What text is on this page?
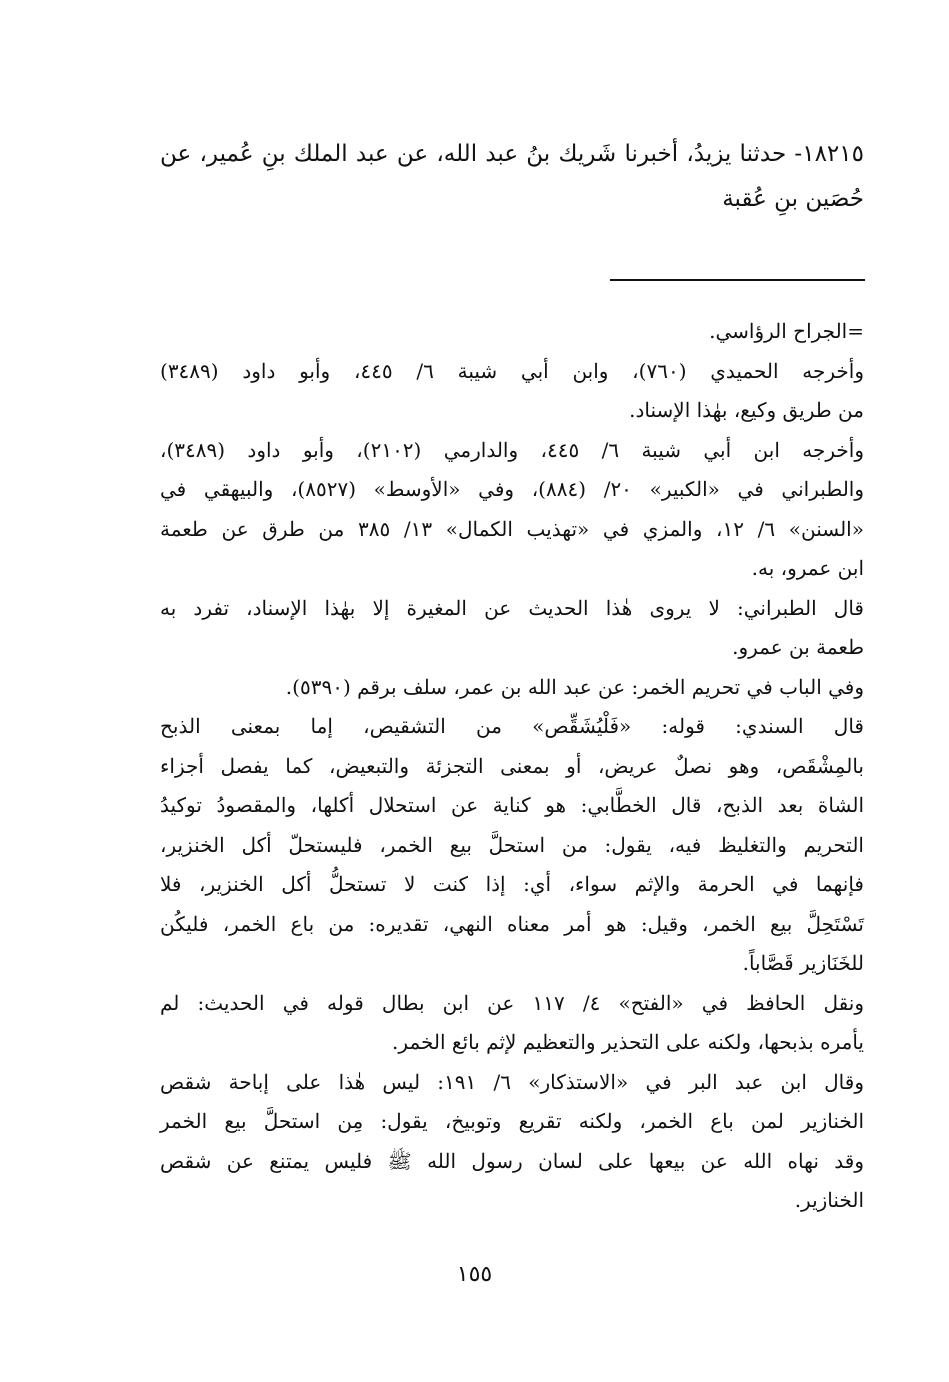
١٨٢١٥- حدثنا يزيدُ، أخبرنا شَريك بنُ عبد الله، عن عبد الملك بنِ عُمير، عن حُصَين بنِ عُقبة
=الجراح الرؤاسي.
وأخرجه الحميدي (٧٦٠)، وابن أبي شيبة ٦/ ٤٤٥، وأبو داود (٣٤٨٩)
من طريق وكيع، بهٰذا الإسناد.
وأخرجه ابن أبي شيبة ٦/ ٤٤٥، والدارمي (٢١٠٢)، وأبو داود (٣٤٨٩)،
والطبراني في «الكبير» ٢٠/ (٨٨٤)، وفي «الأوسط» (٨٥٢٧)، والبيهقي في
«السنن» ٦/ ١٢، والمزي في «تهذيب الكمال» ١٣/ ٣٨٥ من طرق عن طعمة
ابن عمرو، به.
قال الطبراني: لا يروى هٰذا الحديث عن المغيرة إلا بهٰذا الإسناد، تفرد به
طعمة بن عمرو.
وفي الباب في تحريم الخمر: عن عبد الله بن عمر، سلف برقم (٥٣٩٠).
قال السندي: قوله: «فَلْيُشَقِّص» من التشقيص، إما بمعنى الذبح
بالمِشْقَص، وهو نصلٌ عريض، أو بمعنى التجزئة والتبعيض، كما يفصل أجزاء
الشاة بعد الذبح، قال الخطَّابي: هو كناية عن استحلال أكلها، والمقصودُ توكيدُ
التحريم والتغليظ فيه، يقول: من استحلَّ بيع الخمر، فليستحلّ أكل الخنزير،
فإنهما في الحرمة والإثم سواء، أي: إذا كنت لا تستحلُّ أكل الخنزير، فلا
تَسْتَحِلَّ بيع الخمر، وقيل: هو أمر معناه النهي، تقديره: من باع الخمر، فليكُن
للخَنَازير قَصَّاباً.
ونقل الحافظ في «الفتح» ٤/ ١١٧ عن ابن بطال قوله في الحديث: لم
يأمره بذبحها، ولكنه على التحذير والتعظيم لإثم بائع الخمر.
وقال ابن عبد البر في «الاستذكار» ٦/ ١٩١: ليس هٰذا على إباحة شقص
الخنازير لمن باع الخمر، ولكنه تقريع وتوبيخ، يقول: مِن استحلَّ بيع الخمر
وقد نهاه الله عن بيعها على لسان رسول الله ﷺ فليس يمتنع عن شقص
الخنازير.
١٥٥
